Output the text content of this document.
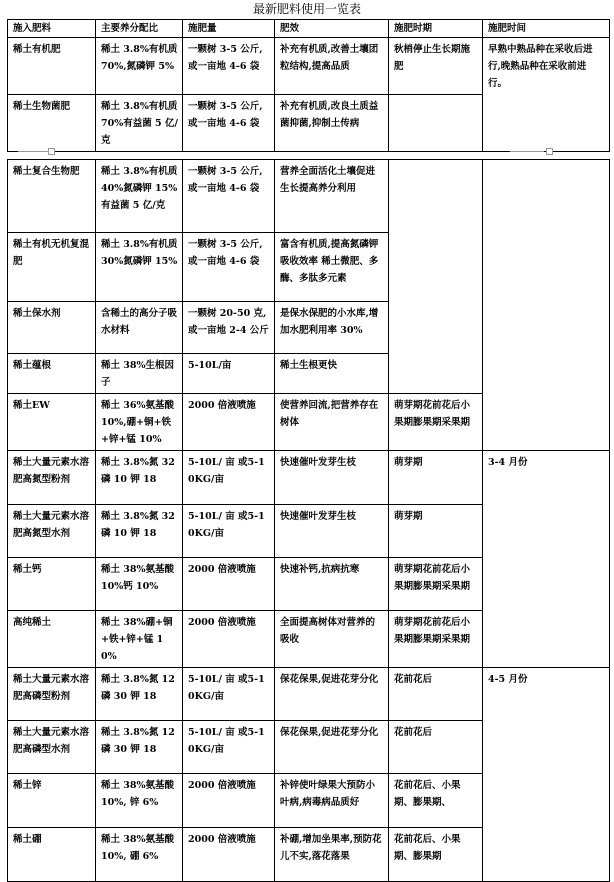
最新肥料使用一览表
施入肥料	主要养分配比	施肥量	肥效	施肥时期	施肥时间
稀土有机肥	稀土 3.8%有机质 70%,氮磷钾 5%	一颗树 3-5 公斤,或一亩地 4-6 袋	补充有机质,改善土壤团粒结构,提高品质	秋梢停止生长期施肥	早熟中熟品种在采收后进行,晚熟品种在采收前进行。
稀土生物菌肥	稀土 3.8%有机质 70%有益菌 5 亿/克	一颗树 3-5 公斤,或一亩地 4-6 袋	补充有机质,改良土质益菌抑菌,抑制土传病		
稀土复合生物肥	稀土 3.8%有机质 40%氮磷钾 15%有益菌 5 亿/克	一颗树 3-5 公斤,或一亩地 4-6 袋	营养全面活化土壤促进生长提高养分利用		
稀土有机无机复混肥	稀土 3.8%有机质 30%氮磷钾 15%	一颗树 3-5 公斤,或一亩地 4-6 袋	富含有机质,提高氮磷钾吸收效率 稀土微肥、多酶、多肽多元素		
稀土保水剂	含稀土的高分子吸水材料	一颗树 20-50 克,或一亩地 2-4 公斤	是保水保肥的小水库,增加水肥利用率 30%		
稀土蕴根	稀土 38%生根因子	5-10L/亩	稀土生根更快		
稀土EW	稀土 36%氨基酸 10%,硼+铜+铁+锌+锰 10%	2000 倍液喷施	使营养回流,把营养存在树体	萌芽期花前花后小果期膨果期采果期	
稀土大量元素水溶肥高氮型粉剂	稀土 3.8%氮 32磷 10 钾 18	5-10L/ 亩 或5-10KG/亩	快速催叶发芽生枝	萌芽期	3-4 月份
稀土大量元素水溶肥高氮型水剂	稀土 3.8%氮 32磷 10 钾 18	5-10L/ 亩 或5-10KG/亩	快速催叶发芽生枝	萌芽期	
稀土钙	稀土 38%氨基酸 10%钙 10%	2000 倍液喷施	快速补钙,抗病抗寒	萌芽期花前花后小果期膨果期采果期	
高纯稀土	稀土 38%硼+铜+铁+锌+锰 10%	2000 倍液喷施	全面提高树体对营养的吸收	萌芽期花前花后小果期膨果期采果期	
稀土大量元素水溶肥高磷型粉剂	稀土 3.8%氮 12磷 30 钾 18	5-10L/ 亩 或5-10KG/亩	保花保果,促进花芽分化	花前花后	4-5 月份
稀土大量元素水溶肥高磷型水剂	稀土 3.8%氮 12磷 30 钾 18	5-10L/ 亩 或5-10KG/亩	保花保果,促进花芽分化	花前花后	
稀土锌	稀土 38%氨基酸 10%, 锌 6%	2000 倍液喷施	补锌使叶绿果大预防小叶病,病毒病品质好	花前花后、小果期、膨果期、	
稀土硼	稀土 38%氨基酸 10%, 硼 6%	2000 倍液喷施	补硼,增加坐果率,预防花儿不实,落花落果	花前花后、小果期、膨果期	
